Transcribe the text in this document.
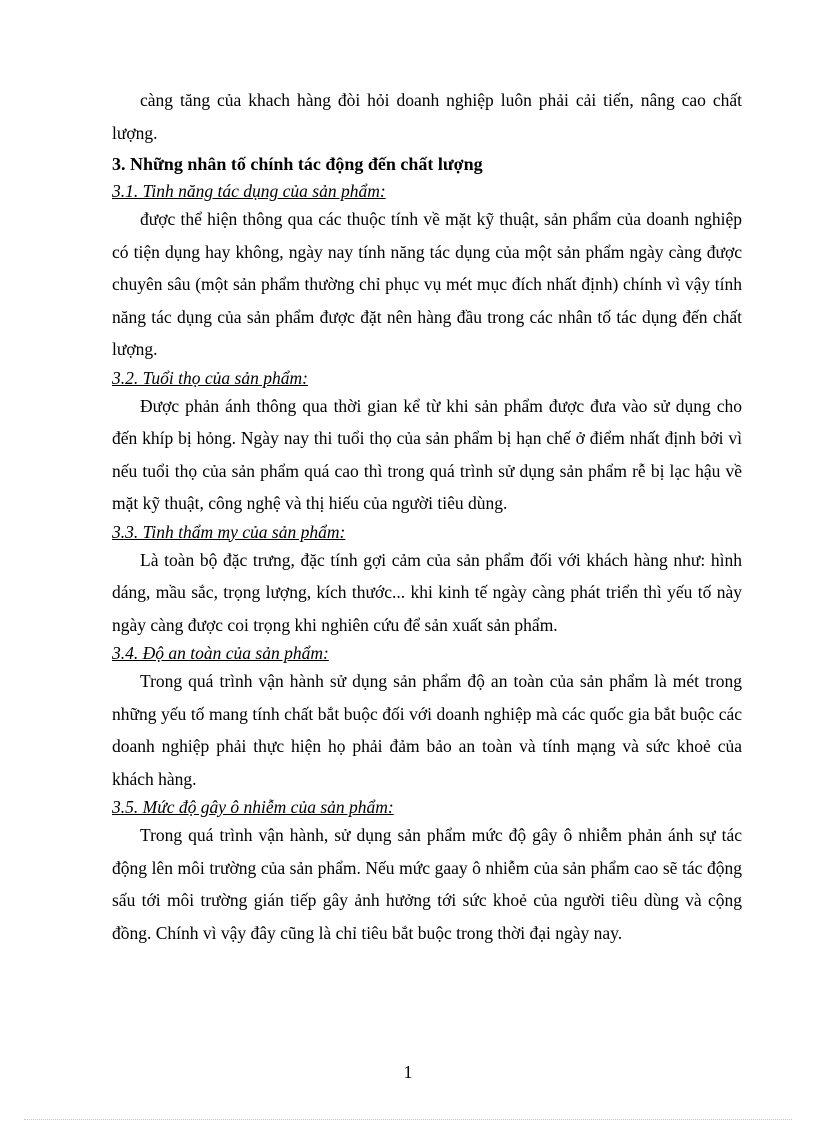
càng tăng của khach hàng đòi hỏi doanh nghiệp luôn phải cải tiến, nâng cao chất lượng.

3. Những nhân tố chính tác động đến chất lượng

3.1. Tinh năng tác dụng của sản phẩm:

được thể hiện thông qua các thuộc tính về mặt kỹ thuật, sản phẩm của doanh nghiệp có tiện dụng hay không, ngày nay tính năng tác dụng của một sản phẩm ngày càng được chuyên sâu (một sản phẩm thường chỉ phục vụ mét mục đích nhất định) chính vì vậy tính năng tác dụng của sản phẩm được đặt nên hàng đầu trong các nhân tố tác dụng đến chất lượng.

3.2. Tuổi thọ của sản phẩm:

Được phản ánh thông qua thời gian kể từ khi sản phẩm được đưa vào sử dụng cho đến khíp bị hỏng. Ngày nay thi tuổi thọ của sản phẩm bị hạn chế ở điểm nhất định bởi vì nếu tuổi thọ của sản phẩm quá cao thì trong quá trình sử dụng sản phẩm rễ bị lạc hậu về mặt kỹ thuật, công nghệ và thị hiếu của người tiêu dùng.

3.3. Tinh thẩm my của sản phẩm:

Là toàn bộ đặc trưng, đặc tính gợi cảm của sản phẩm đối với khách hàng như: hình dáng, mầu sắc, trọng lượng, kích thước... khi kinh tế ngày càng phát triển thì yếu tố này ngày càng được coi trọng khi nghiên cứu để sản xuất sản phẩm.

3.4. Độ an toàn của sản phẩm:

Trong quá trình vận hành sử dụng sản phẩm độ an toàn của sản phẩm là mét trong những yếu tố mang tính chất bắt buộc đối với doanh nghiệp mà các quốc gia bắt buộc các doanh nghiệp phải thực hiện họ phải đảm bảo an toàn và tính mạng và sức khoẻ của khách hàng.

3.5. Mức độ gây ô nhiễm của sản phẩm:

Trong quá trình vận hành, sử dụng sản phẩm mức độ gây ô nhiễm phản ánh sự tác động lên môi trường của sản phẩm. Nếu mức gaay ô nhiễm của sản phẩm cao sẽ tác động sấu tới môi trường gián tiếp gây ảnh hưởng tới sức khoẻ của người tiêu dùng và cộng đồng. Chính vì vậy đây cũng là chỉ tiêu bắt buộc trong thời đại ngày nay.

1
